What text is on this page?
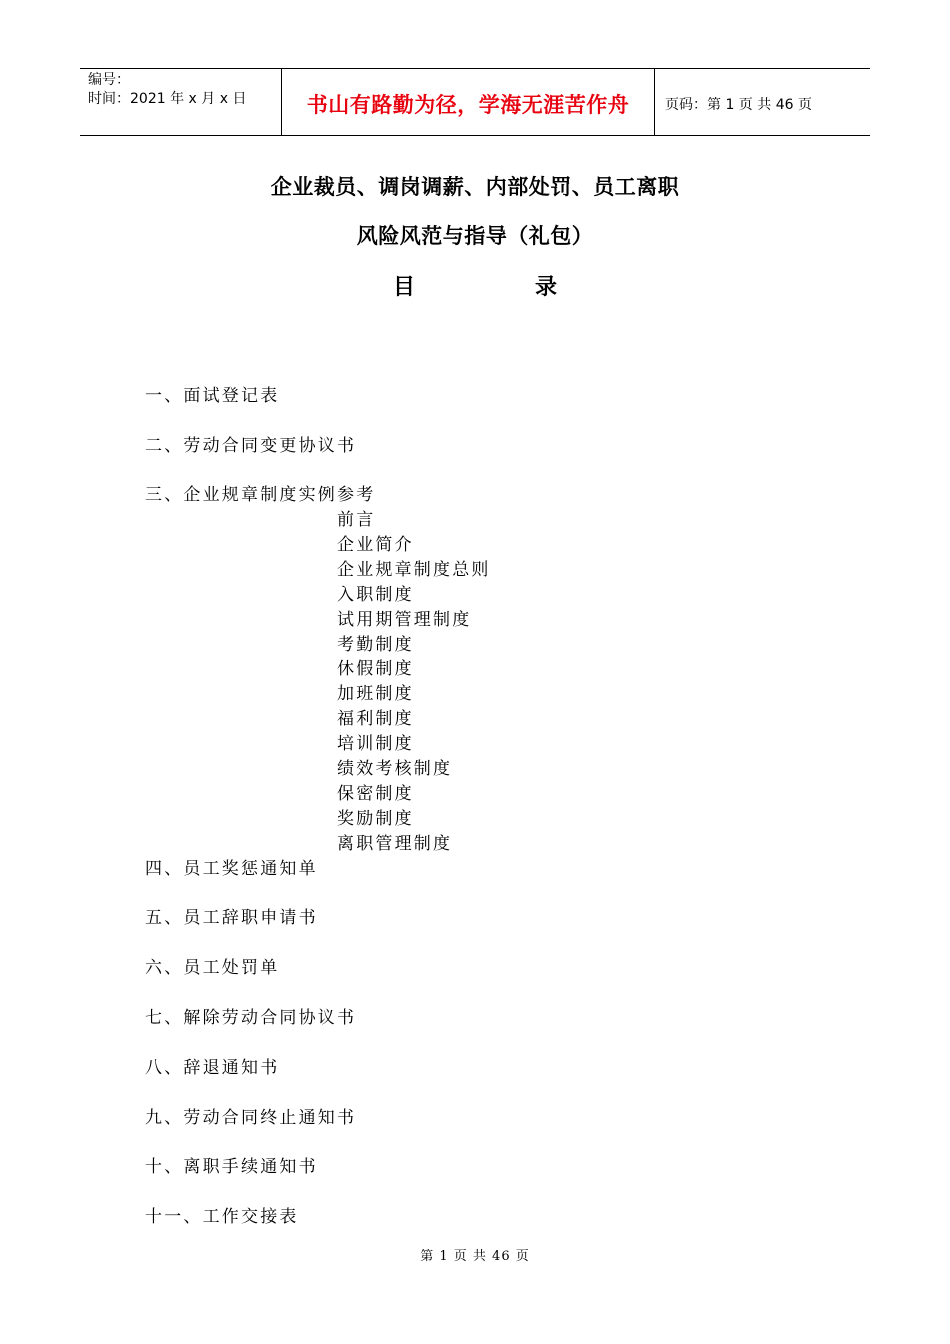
编号：
时间：2021 年 x 月 x 日	书山有路勤为径，学海无涯苦作舟	页码：第 1 页 共 46 页
企业裁员、调岗调薪、内部处罚、员工离职
风险风范与指导（礼包）
目	录
一、面试登记表
二、劳动合同变更协议书
三、企业规章制度实例参考
前言
企业简介
企业规章制度总则
入职制度
试用期管理制度
考勤制度
休假制度
加班制度
福利制度
培训制度
绩效考核制度
保密制度
奖励制度
离职管理制度
四、员工奖惩通知单
五、员工辞职申请书
六、员工处罚单
七、解除劳动合同协议书
八、辞退通知书
九、劳动合同终止通知书
十、离职手续通知书
十一、工作交接表
第 1 页 共 46 页
